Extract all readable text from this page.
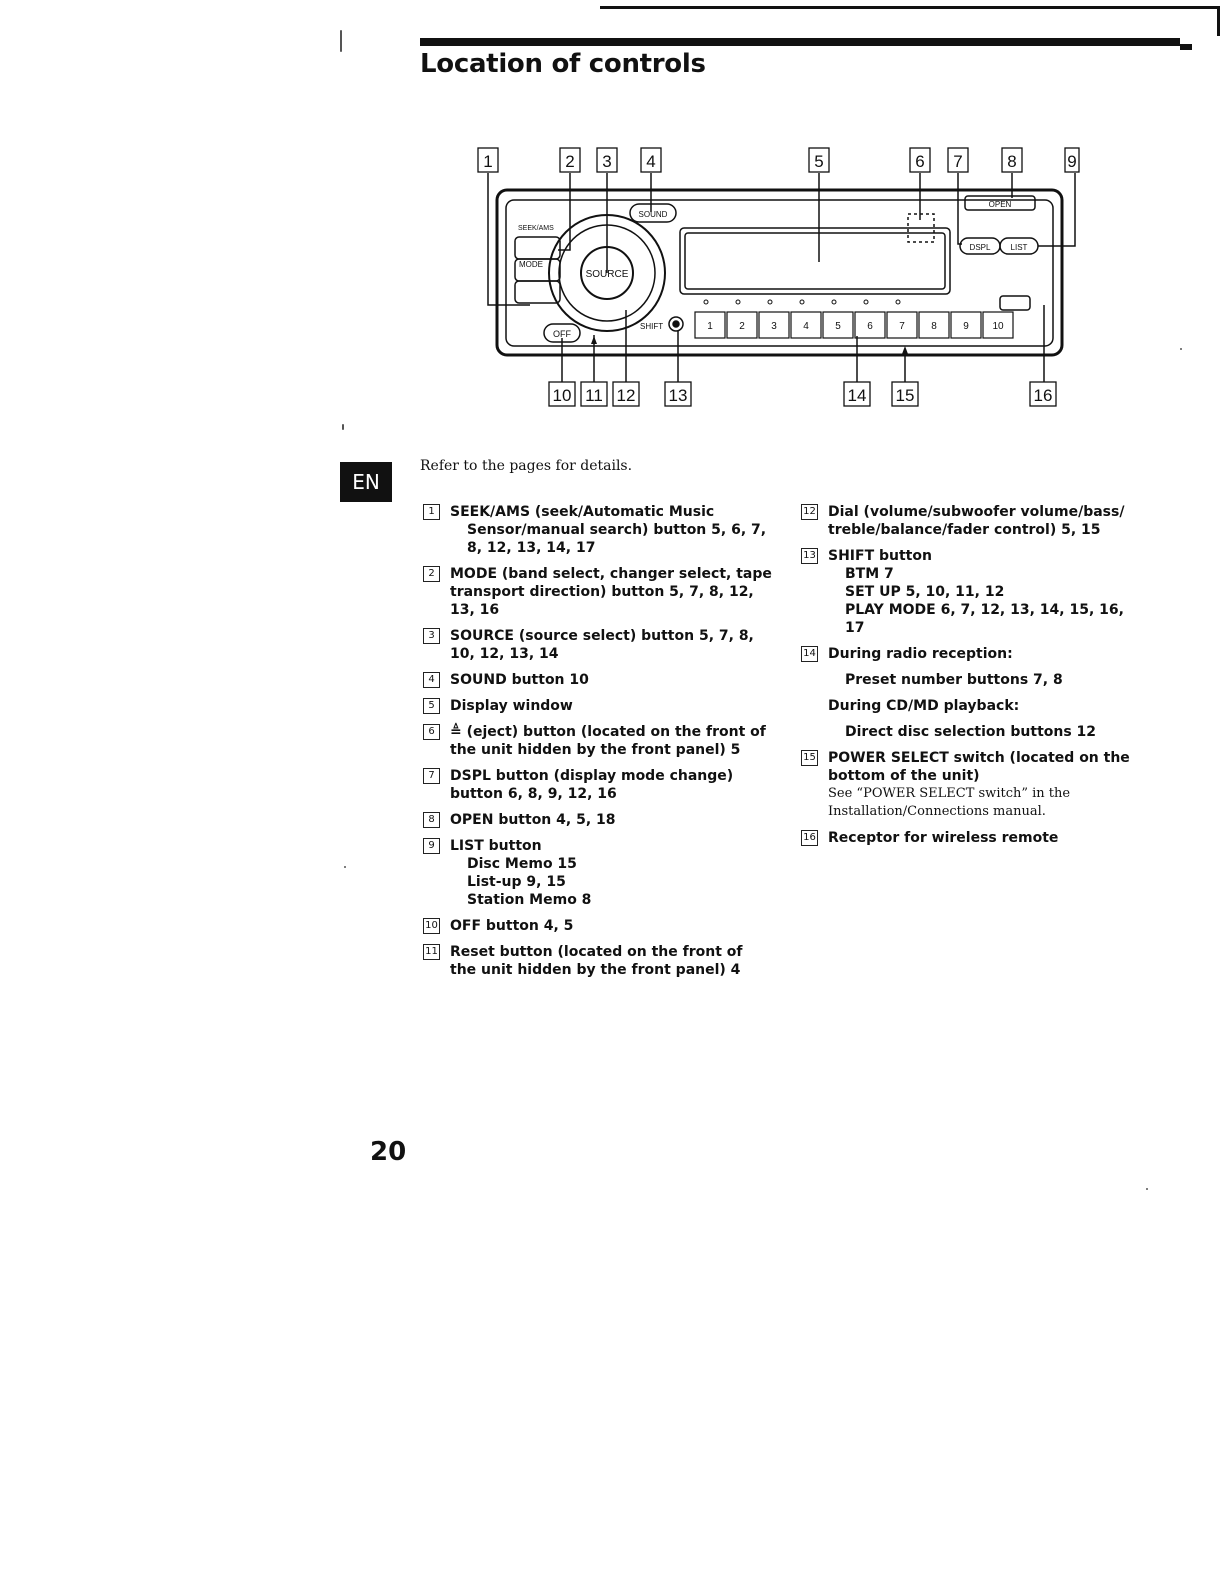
Location of controls
1	2	3	4	5	6	7	8	9 10
SEEK/AMS
MODE
SOURCE
SOUND
OFF
SHIFT
OPEN
DSPL	LIST
1	2 3 4	5	6 7	8	9
10 11 12 13	14 15	16
EN
Refer to the pages for details.
1	SEEK/AMS (seek/Automatic Music
Sensor/manual search) button 5, 6, 7,
8, 12, 13, 14, 17
2	MODE (band select, changer select, tape
transport direction) button 5, 7, 8, 12,
13, 16
3	SOURCE (source select) button 5, 7, 8,
10, 12, 13, 14
4	SOUND button 10
5	Display window
6	≜ (eject) button (located on the front of
the unit hidden by the front panel) 5
7	DSPL button (display mode change)
button 6, 8, 9, 12, 16
8	OPEN button 4, 5, 18
9	LIST button
Disc Memo 15
List-up 9, 15
Station Memo 8
10 OFF button 4, 5
11 Reset button (located on the front of
the unit hidden by the front panel) 4
12 Dial (volume/subwoofer volume/bass/
treble/balance/fader control) 5, 15
13 SHIFT button
BTM 7
SET UP 5, 10, 11, 12
PLAY MODE 6, 7, 12, 13, 14, 15, 16, 17
14 During radio reception:
Preset number buttons 7, 8
During CD/MD playback:
Direct disc selection buttons 12
15 POWER SELECT switch (located on the
bottom of the unit)
See “POWER SELECT switch” in the
Installation/Connections manual.
16 Receptor for wireless remote
20
